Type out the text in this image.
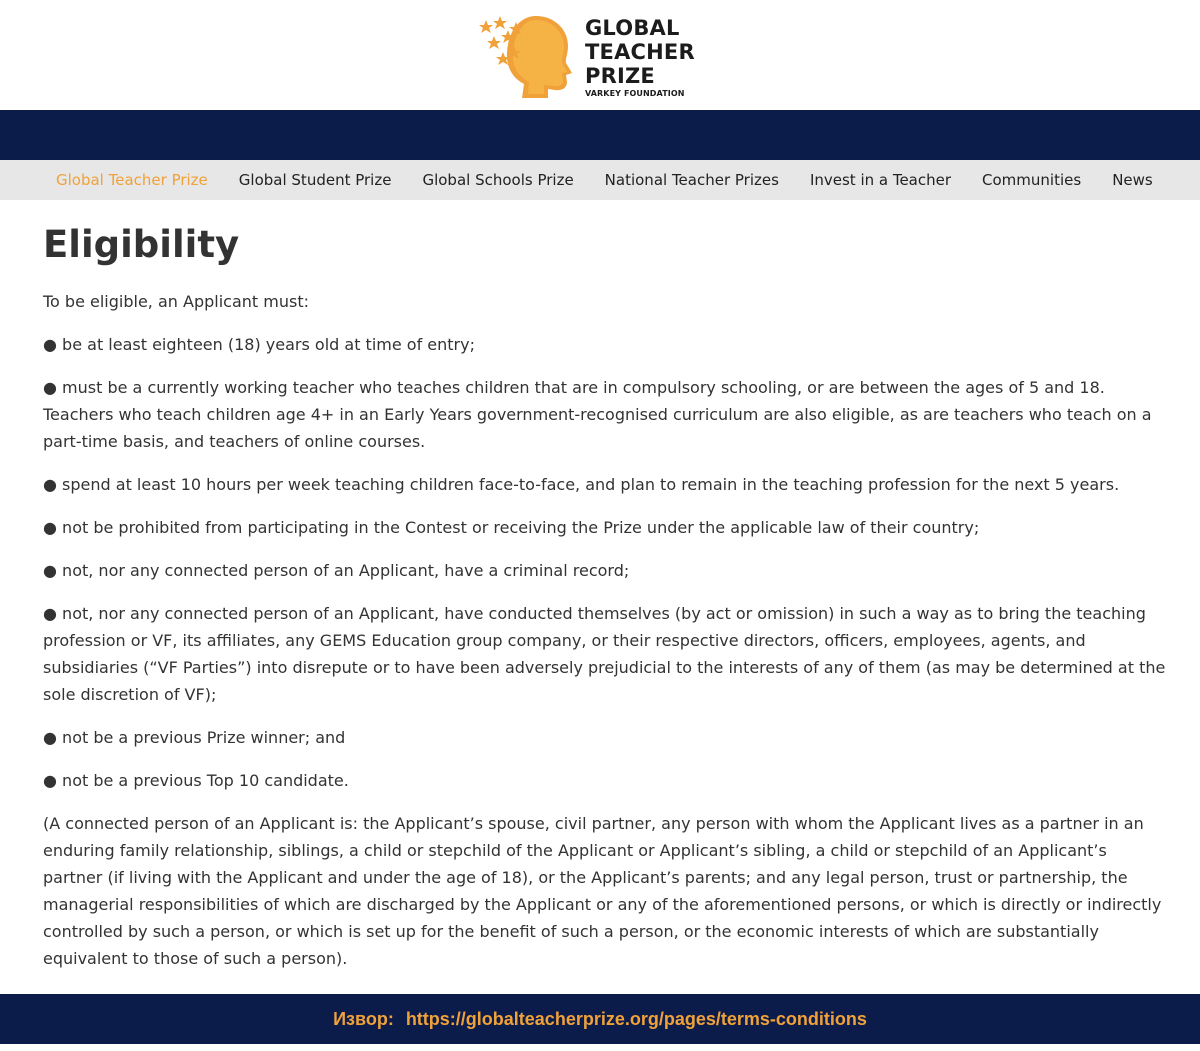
GLOBAL
TEACHER
PRIZE
VARKEY FOUNDATION
Global Teacher Prize Global Student Prize Global Schools Prize National Teacher Prizes Invest in a Teacher Communities News
Eligibility

To be eligible, an Applicant must:

● be at least eighteen (18) years old at time of entry;

● must be a currently working teacher who teaches children that are in compulsory schooling, or are between the ages of 5 and 18. Teachers who teach children age 4+ in an Early Years government-recognised curriculum are also eligible, as are teachers who teach on a part-time basis, and teachers of online courses.

● spend at least 10 hours per week teaching children face-to-face, and plan to remain in the teaching profession for the next 5 years.

● not be prohibited from participating in the Contest or receiving the Prize under the applicable law of their country;

● not, nor any connected person of an Applicant, have a criminal record;

● not, nor any connected person of an Applicant, have conducted themselves (by act or omission) in such a way as to bring the teaching profession or VF, its affiliates, any GEMS Education group company, or their respective directors, officers, employees, agents, and subsidiaries (“VF Parties”) into disrepute or to have been adversely prejudicial to the interests of any of them (as may be determined at the sole discretion of VF);

● not be a previous Prize winner; and

● not be a previous Top 10 candidate.

(A connected person of an Applicant is: the Applicant’s spouse, civil partner, any person with whom the Applicant lives as a partner in an enduring family relationship, siblings, a child or stepchild of the Applicant or Applicant’s sibling, a child or stepchild of an Applicant’s partner (if living with the Applicant and under the age of 18), or the Applicant’s parents; and any legal person, trust or partnership, the managerial responsibilities of which are discharged by the Applicant or any of the aforementioned persons, or which is directly or indirectly controlled by such a person, or which is set up for the benefit of such a person, or the economic interests of which are substantially equivalent to those of such a person).

Извор: https://globalteacherprize.org/pages/terms-conditions
